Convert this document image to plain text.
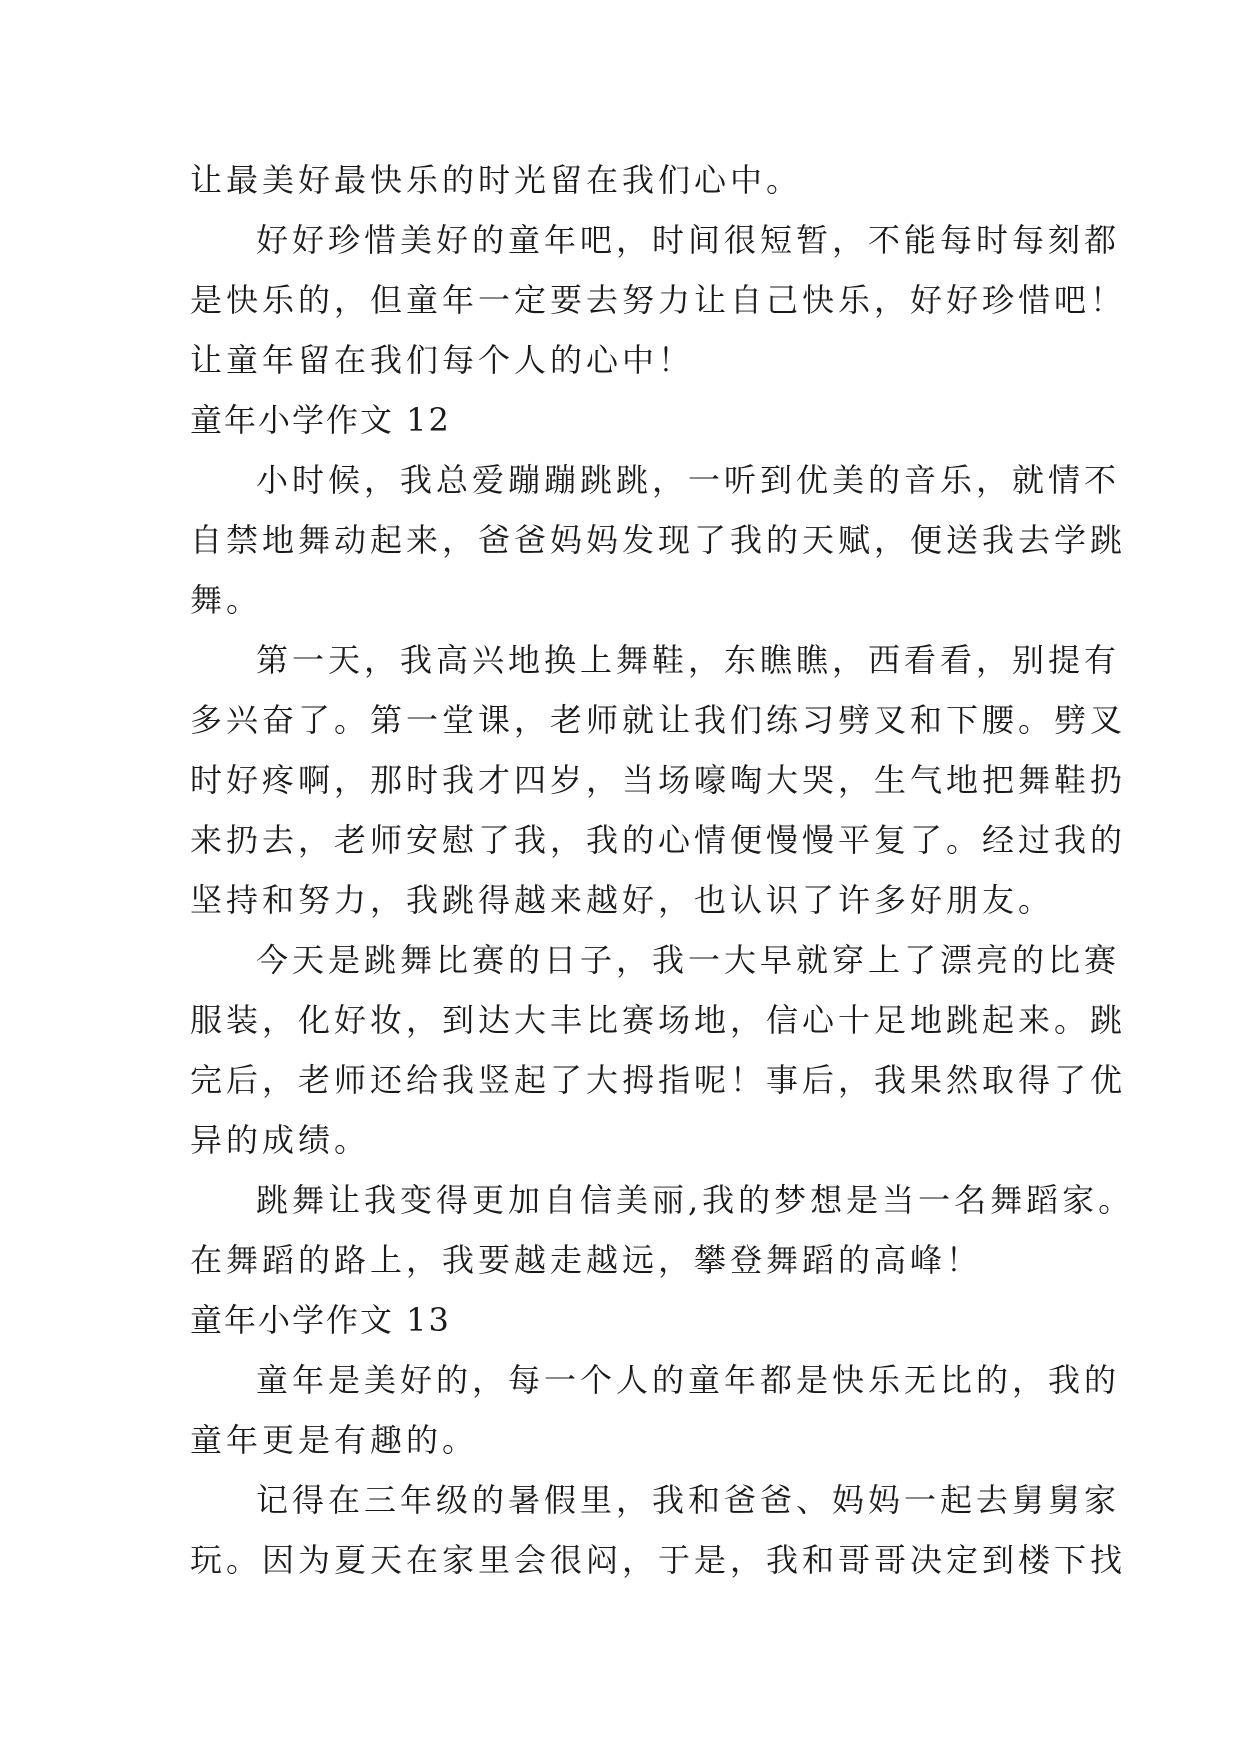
让最美好最快乐的时光留在我们心中。
好好珍惜美好的童年吧，时间很短暂，不能每时每刻都
是快乐的，但童年一定要去努力让自己快乐，好好珍惜吧！
让童年留在我们每个人的心中！
童年小学作文 12
小时候，我总爱蹦蹦跳跳，一听到优美的音乐，就情不
自禁地舞动起来，爸爸妈妈发现了我的天赋，便送我去学跳
舞。
第一天，我高兴地换上舞鞋，东瞧瞧，西看看，别提有
多兴奋了。第一堂课，老师就让我们练习劈叉和下腰。劈叉
时好疼啊，那时我才四岁，当场嚎啕大哭，生气地把舞鞋扔
来扔去，老师安慰了我，我的心情便慢慢平复了。经过我的
坚持和努力，我跳得越来越好，也认识了许多好朋友。
今天是跳舞比赛的日子，我一大早就穿上了漂亮的比赛
服装，化好妆，到达大丰比赛场地，信心十足地跳起来。跳
完后，老师还给我竖起了大拇指呢！事后，我果然取得了优
异的成绩。
跳舞让我变得更加自信美丽,我的梦想是当一名舞蹈家。
在舞蹈的路上，我要越走越远，攀登舞蹈的高峰！
童年小学作文 13
童年是美好的，每一个人的童年都是快乐无比的，我的
童年更是有趣的。
记得在三年级的暑假里，我和爸爸、妈妈一起去舅舅家
玩。因为夏天在家里会很闷，于是，我和哥哥决定到楼下找
